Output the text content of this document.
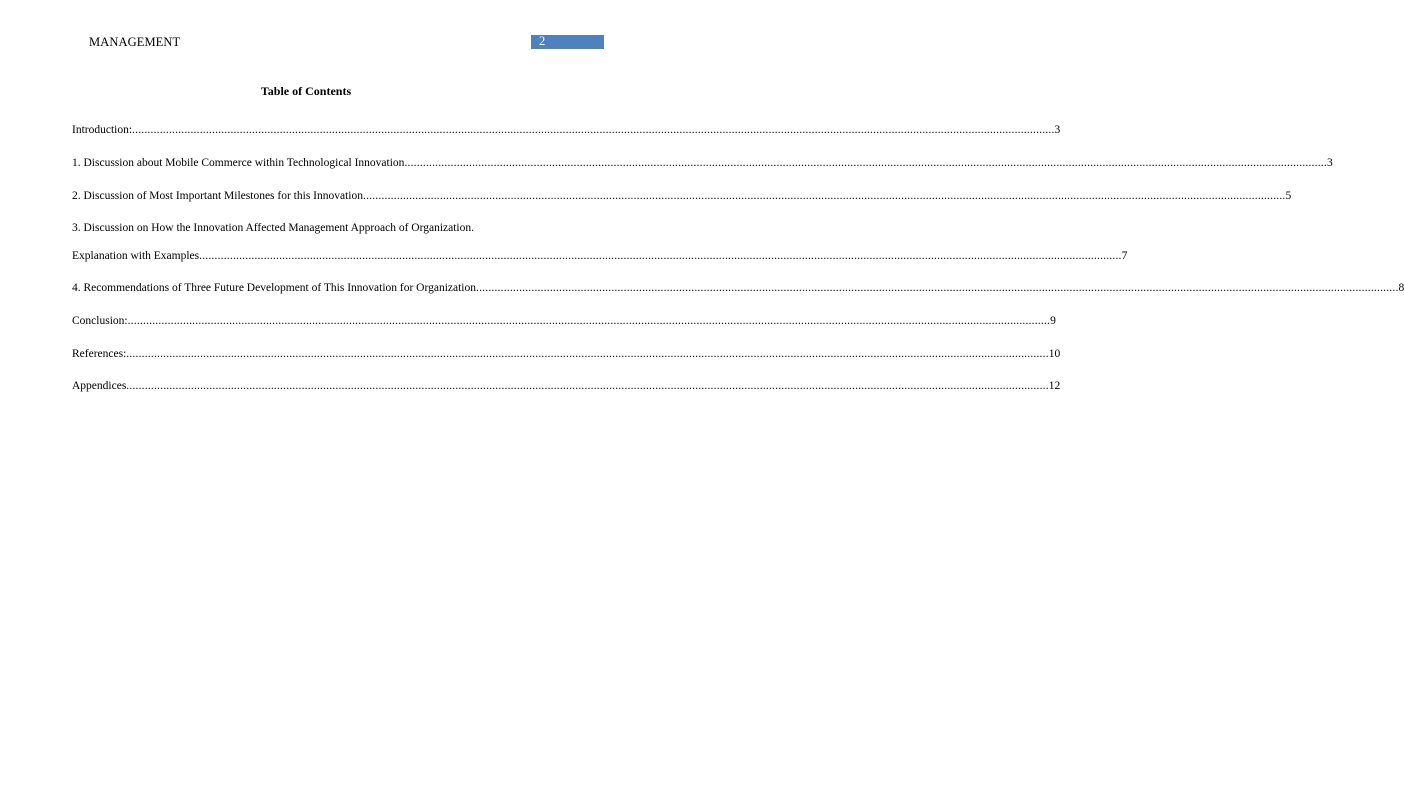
MANAGEMENT	2
Table of Contents
Introduction: ............................................................................................................................................................................................................................................................................................................ 3
1. Discussion about Mobile Commerce within Technological Innovation ............................................................................................................................................................................................................................................................................................................ 3
2. Discussion of Most Important Milestones for this Innovation ............................................................................................................................................................................................................................................................................................................ 5
3. Discussion on How the Innovation Affected Management Approach of Organization.
Explanation with Examples ............................................................................................................................................................................................................................................................................................................ 7
4. Recommendations of Three Future Development of This Innovation for Organization ............................................................................................................................................................................................................................................................................................................ 8
Conclusion: ............................................................................................................................................................................................................................................................................................................ 9
References: ............................................................................................................................................................................................................................................................................................................ 10
Appendices ............................................................................................................................................................................................................................................................................................................ 12
